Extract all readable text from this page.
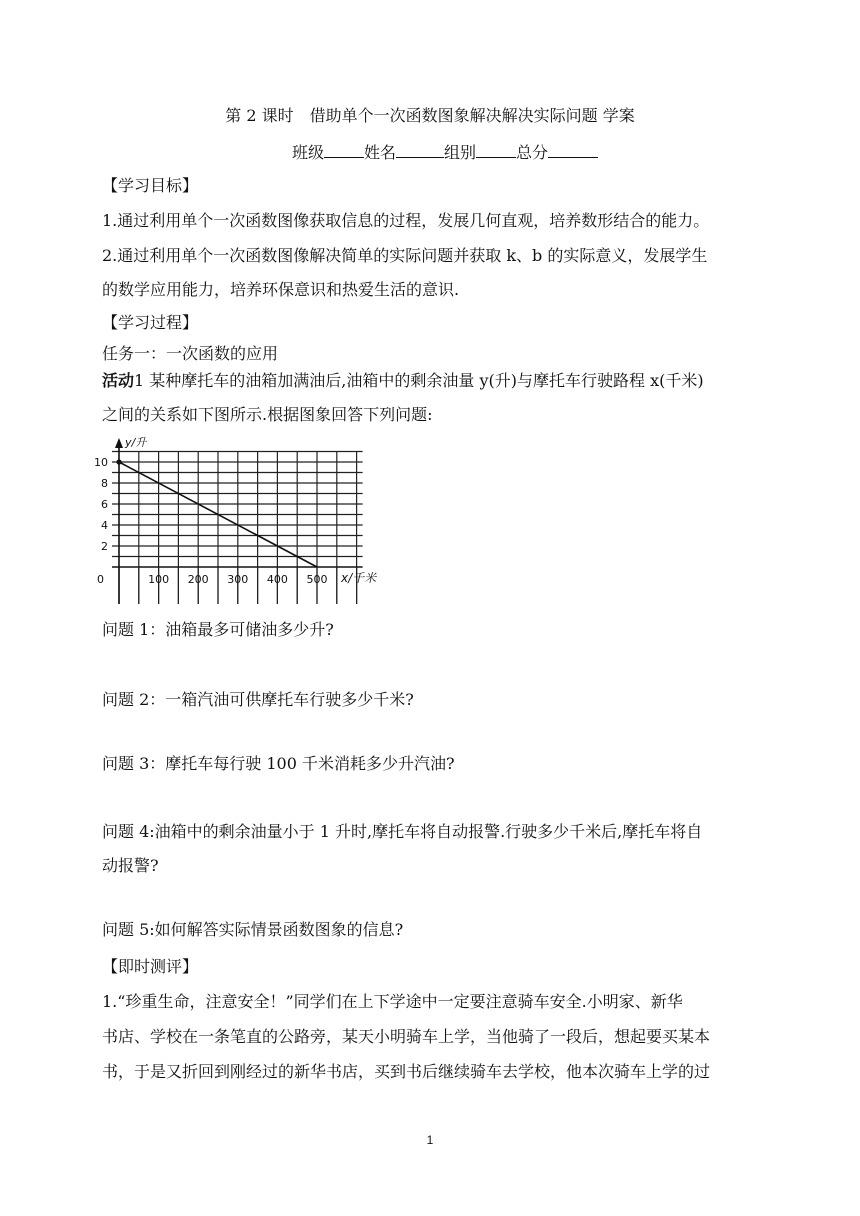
第 2 课时　借助单个一次函数图象解决解决实际问题 学案
班级	姓名	组别	总分
【学习目标】
1.通过利用单个一次函数图像获取信息的过程，发展几何直观，培养数形结合的能力。
2.通过利用单个一次函数图像解决简单的实际问题并获取 k、b 的实际意义，发展学生
的数学应用能力，培养环保意识和热爱生活的意识.
【学习过程】
任务一：一次函数的应用
活动1 某种摩托车的油箱加满油后,油箱中的剩余油量 y(升)与摩托车行驶路程 x(千米)
之间的关系如下图所示.根据图象回答下列问题:
2
4
6
8
10
100 200 300 400 500
0
y/升
x/千米
问题 1：油箱最多可储油多少升?
问题 2：一箱汽油可供摩托车行驶多少千米?
问题 3：摩托车每行驶 100 千米消耗多少升汽油?
问题 4:油箱中的剩余油量小于 1 升时,摩托车将自动报警.行驶多少千米后,摩托车将自
动报警?
问题 5:如何解答实际情景函数图象的信息?
【即时测评】
1.“珍重生命，注意安全！”同学们在上下学途中一定要注意骑车安全.小明家、新华
书店、学校在一条笔直的公路旁，某天小明骑车上学，当他骑了一段后，想起要买某本
书，于是又折回到刚经过的新华书店，买到书后继续骑车去学校，他本次骑车上学的过
1
